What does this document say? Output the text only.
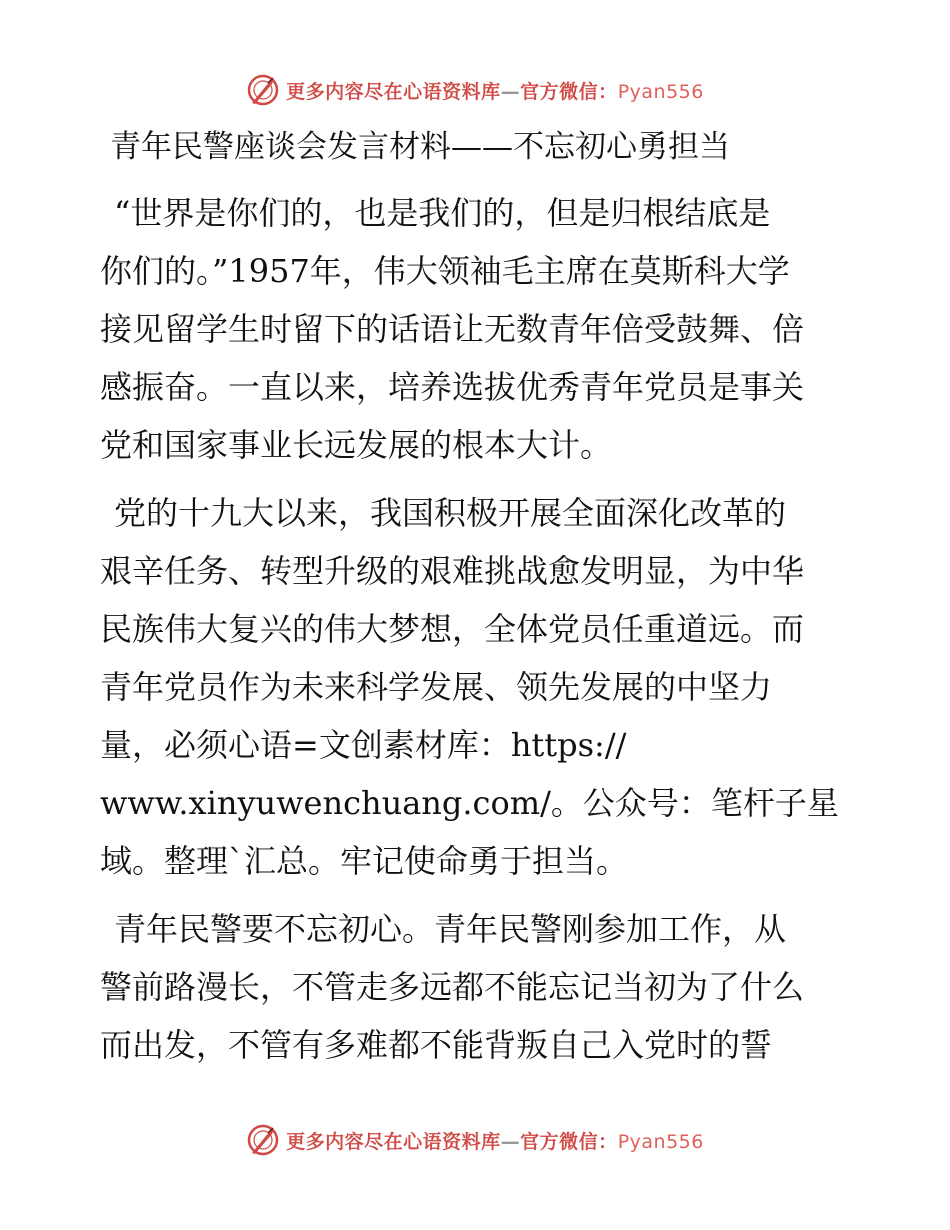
更多内容尽在心语资料库—官方微信：Pyan556
青年民警座谈会发言材料——不忘初心勇担当
“世界是你们的，也是我们的，但是归根结底是
你们的。”1957年，伟大领袖毛主席在莫斯科大学
接见留学生时留下的话语让无数青年倍受鼓舞、倍
感振奋。一直以来，培养选拔优秀青年党员是事关
党和国家事业长远发展的根本大计。
党的十九大以来，我国积极开展全面深化改革的
艰辛任务、转型升级的艰难挑战愈发明显，为中华
民族伟大复兴的伟大梦想，全体党员任重道远。而
青年党员作为未来科学发展、领先发展的中坚力
量，必须心语=文创素材库：https://
www.xinyuwenchuang.com/。公众号：笔杆子星
域。整理`汇总。牢记使命勇于担当。
青年民警要不忘初心。青年民警刚参加工作，从
警前路漫长，不管走多远都不能忘记当初为了什么
而出发，不管有多难都不能背叛自己入党时的誓
更多内容尽在心语资料库—官方微信：Pyan556
